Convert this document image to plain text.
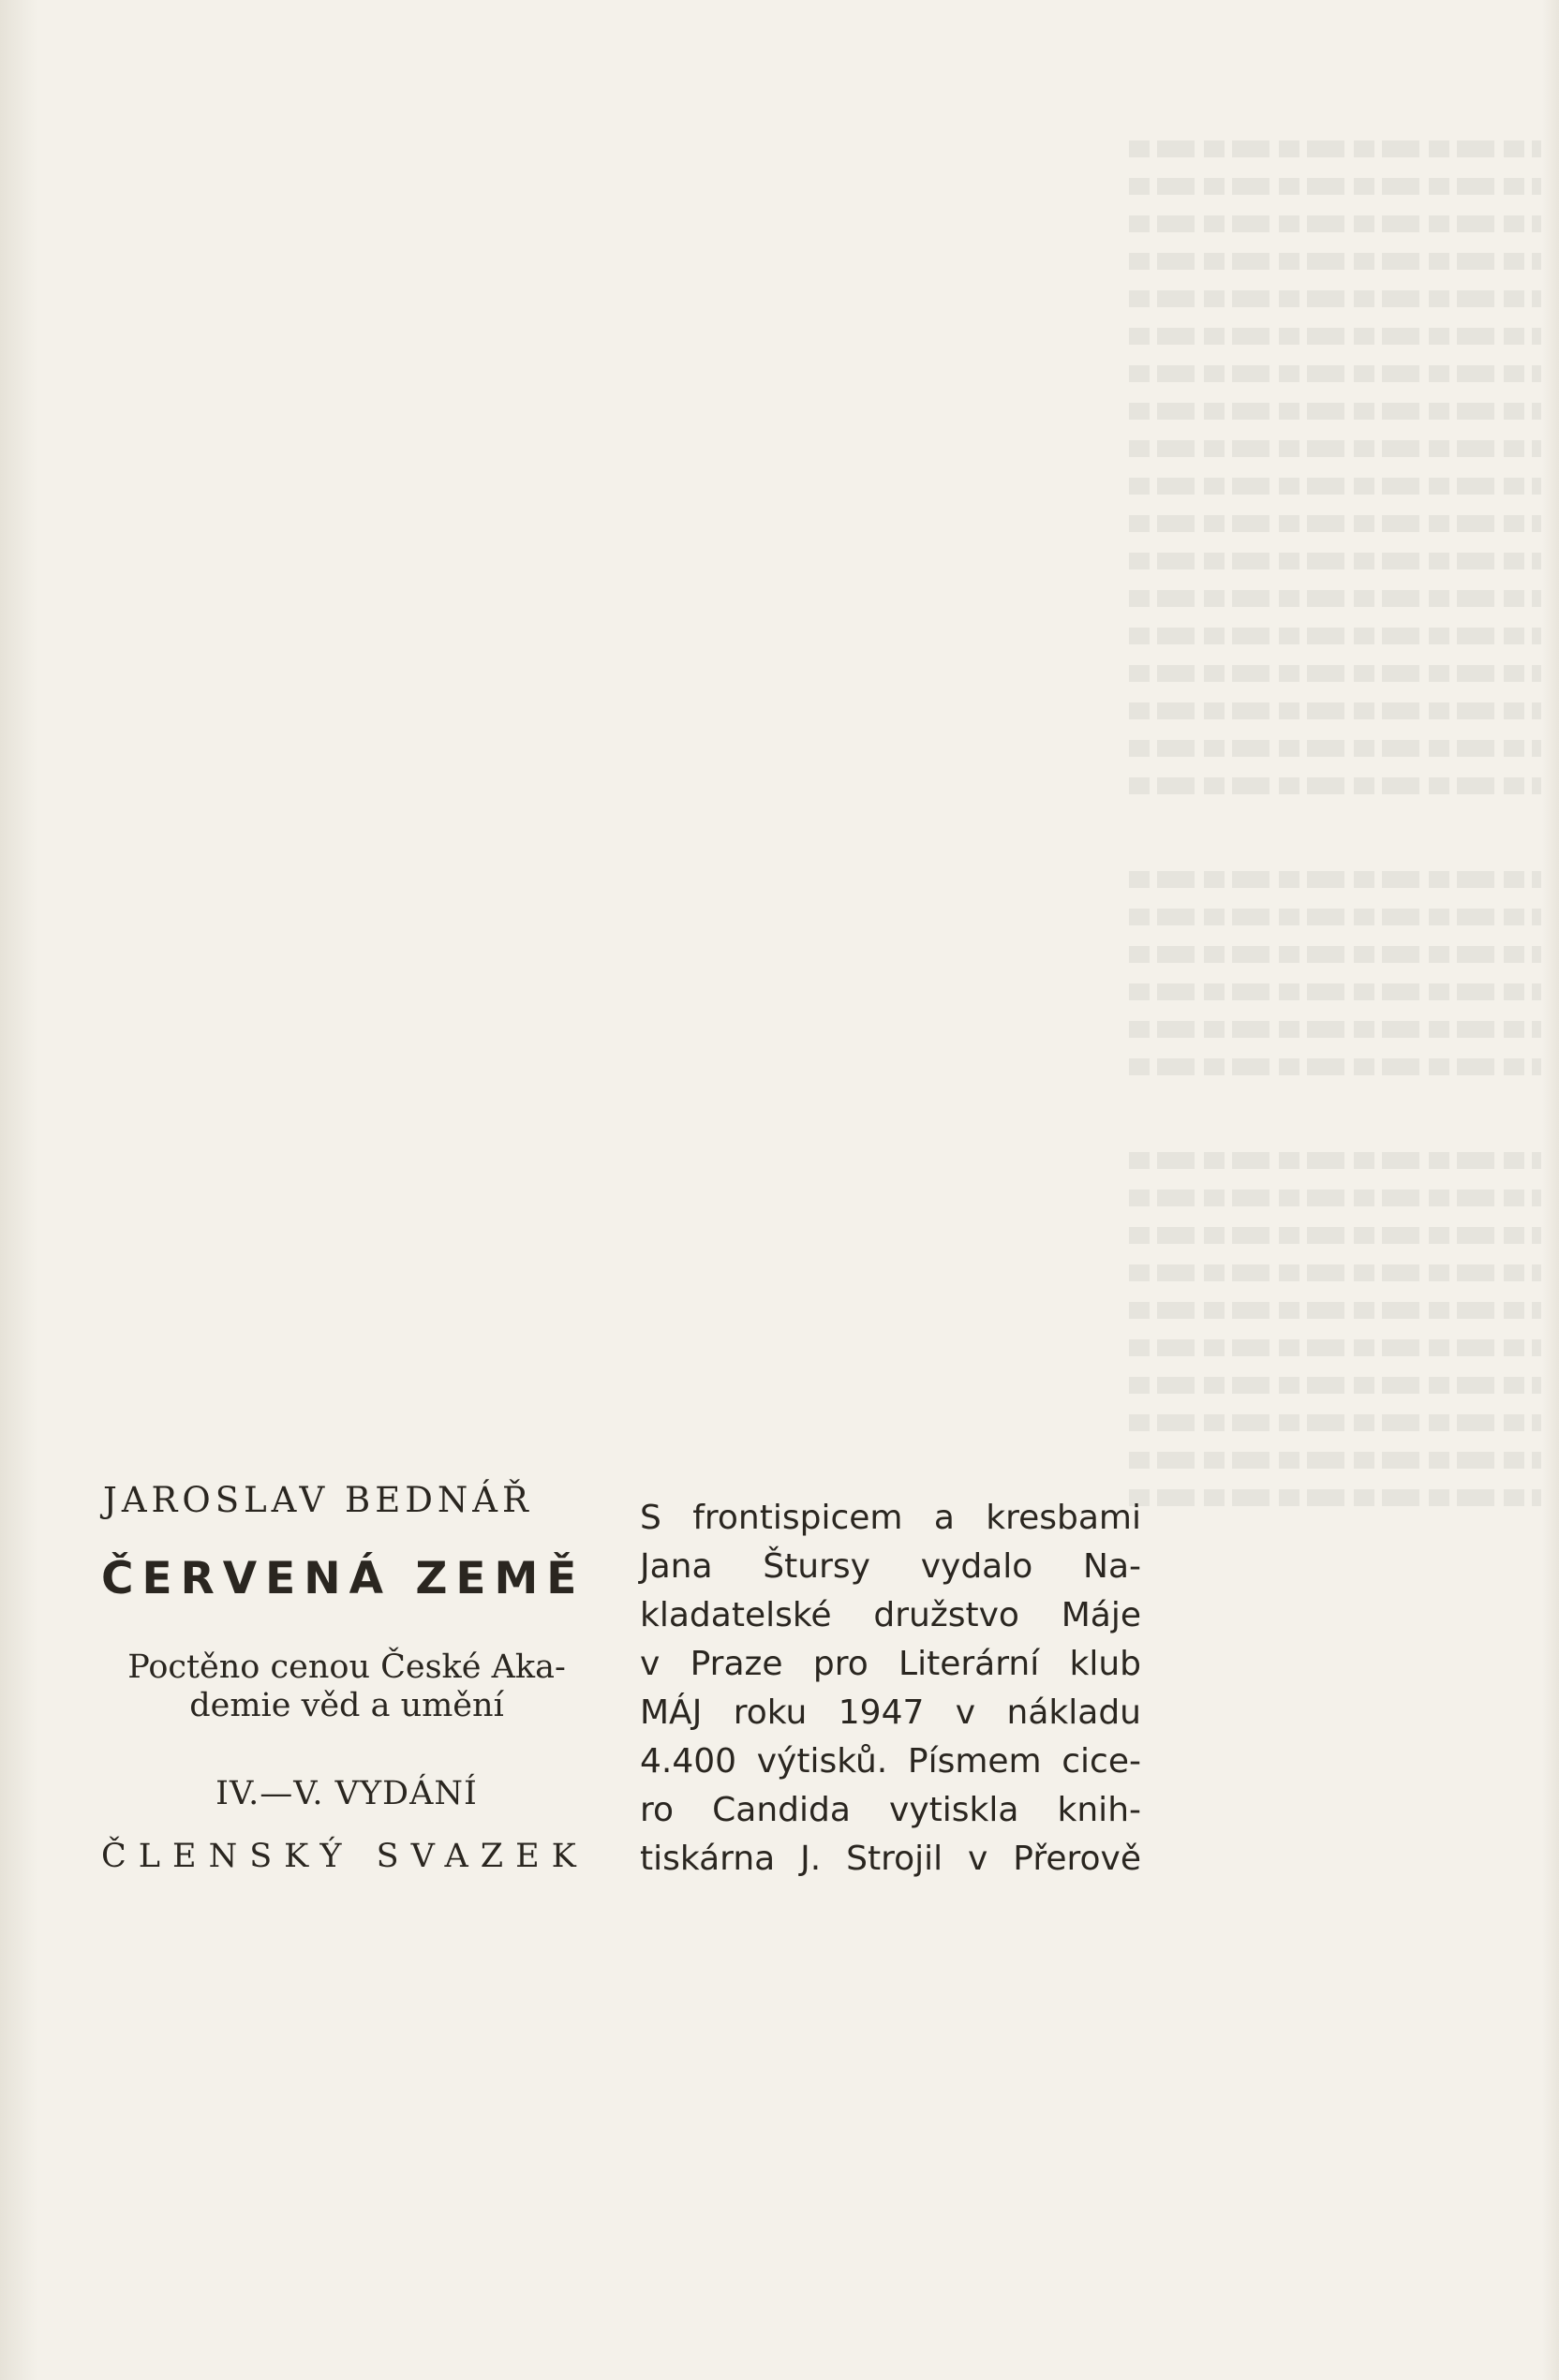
JAROSLAV BEDNÁŘ
ČERVENÁ ZEMĚ
Poctěno cenou České Aka-
demie věd a umění
IV.—V. VYDÁNÍ
ČLENSKÝ SVAZEK
S frontispicem a kresbami
Jana Štursy vydalo Na-
kladatelské družstvo Máje
v Praze pro Literární klub
MÁJ roku 1947 v nákladu
4.400 výtisků. Písmem cice-
ro Candida vytiskla knih-
tiskárna J. Strojil v Přerově
